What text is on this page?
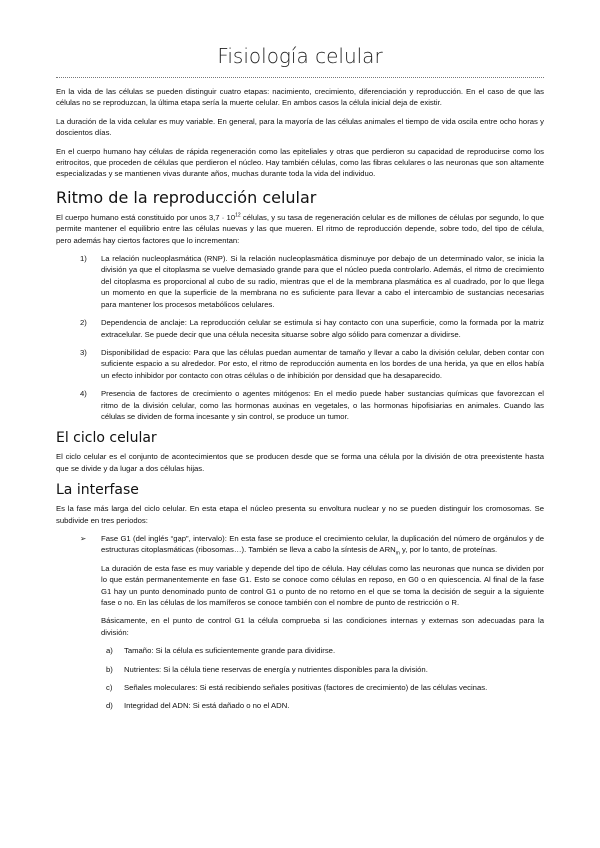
Fisiología celular

En la vida de las células se pueden distinguir cuatro etapas: nacimiento, crecimiento, diferenciación y reproducción. En el caso de que las células no se reproduzcan, la última etapa sería la muerte celular. En ambos casos la célula inicial deja de existir.

La duración de la vida celular es muy variable. En general, para la mayoría de las células animales el tiempo de vida oscila entre ocho horas y doscientos días.

En el cuerpo humano hay células de rápida regeneración como las epiteliales y otras que perdieron su capacidad de reproducirse como los eritrocitos, que proceden de células que perdieron el núcleo. Hay también células, como las fibras celulares o las neuronas que son altamente especializadas y se mantienen vivas durante años, muchas durante toda la vida del individuo.

Ritmo de la reproducción celular

El cuerpo humano está constituido por unos $3,7 \cdot 10^{12}$ células, y su tasa de regeneración celular es de millones de células por segundo, lo que permite mantener el equilibrio entre las células nuevas y las que mueren. El ritmo de reproducción depende, sobre todo, del tipo de célula, pero además hay ciertos factores que lo incrementan:

1) La relación nucleoplasmática (RNP). Si la relación nucleoplasmática disminuye por debajo de un determinado valor, se inicia la división ya que el citoplasma se vuelve demasiado grande para que el núcleo pueda controlarlo. Además, el ritmo de crecimiento del citoplasma es proporcional al cubo de su radio, mientras que el de la membrana plasmática es al cuadrado, por lo que llega un momento en que la superficie de la membrana no es suficiente para llevar a cabo el intercambio de sustancias necesarias para mantener los procesos metabólicos celulares.

2) Dependencia de anclaje: La reproducción celular se estimula si hay contacto con una superficie, como la formada por la matriz extracelular. Se puede decir que una célula necesita situarse sobre algo sólido para comenzar a dividirse.

3) Disponibilidad de espacio: Para que las células puedan aumentar de tamaño y llevar a cabo la división celular, deben contar con suficiente espacio a su alrededor. Por esto, el ritmo de reproducción aumenta en los bordes de una herida, ya que en ellos había un efecto inhibidor por contacto con otras células o de inhibición por densidad que ha desaparecido.

4) Presencia de factores de crecimiento o agentes mitógenos: En el medio puede haber sustancias químicas que favorezcan el ritmo de la división celular, como las hormonas auxinas en vegetales, o las hormonas hipofisiarias en animales. Cuando las células se dividen de forma incesante y sin control, se produce un tumor.

El ciclo celular

El ciclo celular es el conjunto de acontecimientos que se producen desde que se forma una célula por la división de otra preexistente hasta que se divide y da lugar a dos células hijas.

La interfase

Es la fase más larga del ciclo celular. En esta etapa el núcleo presenta su envoltura nuclear y no se pueden distinguir los cromosomas. Se subdivide en tres periodos:

➢ Fase G1 (del inglés “gap”, intervalo): En esta fase se produce el crecimiento celular, la duplicación del número de orgánulos y de estructuras citoplasmáticas (ribosomas…). También se lleva a cabo la síntesis de $ARN_m$ y, por lo tanto, de proteínas.

La duración de esta fase es muy variable y depende del tipo de célula. Hay células como las neuronas que nunca se dividen por lo que están permanentemente en fase G1. Esto se conoce como células en reposo, en G0 o en quiescencia. Al final de la fase G1 hay un punto denominado punto de control G1 o punto de no retorno en el que se toma la decisión de seguir a la siguiente fase o no. En las células de los mamíferos se conoce también con el nombre de punto de restricción o R.

Básicamente, en el punto de control G1 la célula comprueba si las condiciones internas y externas son adecuadas para la división:

a) Tamaño: Si la célula es suficientemente grande para dividirse.

b) Nutrientes: Si la célula tiene reservas de energía y nutrientes disponibles para la división.

c) Señales moleculares: Si está recibiendo señales positivas (factores de crecimiento) de las células vecinas.

d) Integridad del ADN: Si está dañado o no el ADN.
